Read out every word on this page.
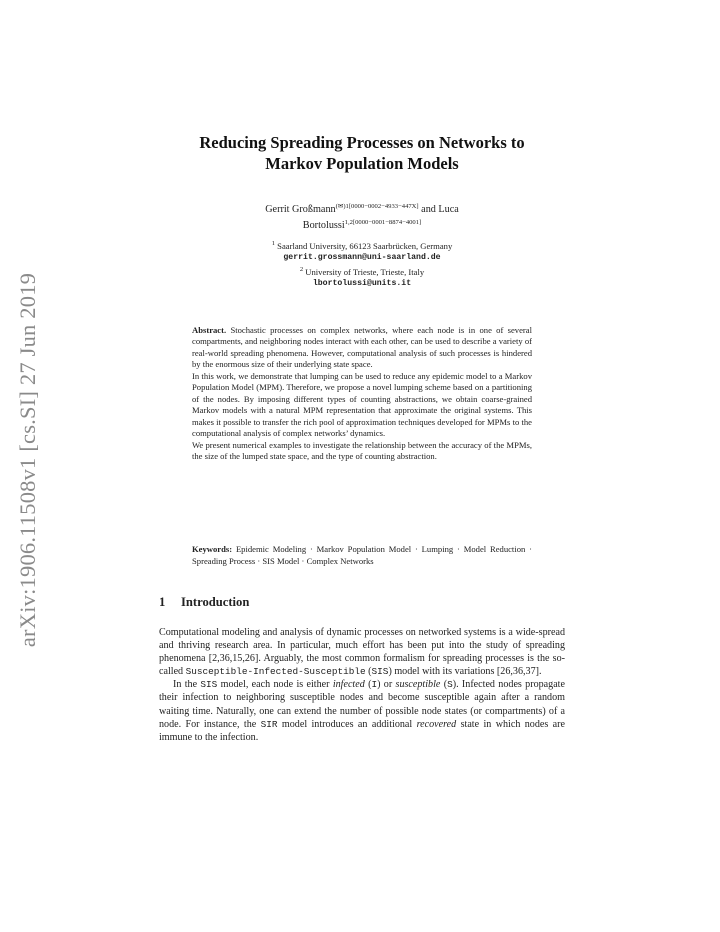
arXiv:1906.11508v1 [cs.SI] 27 Jun 2019
Reducing Spreading Processes on Networks to
Markov Population Models
Gerrit Großmann$^{(✉)1[0000-0002-4933-447X]}$ and Luca
Bortolussi$^{1,2[0000-0001-8874-4001]}$
$^1$ Saarland University, 66123 Saarbrücken, Germany
gerrit.grossmann@uni-saarland.de
$^2$ University of Trieste, Trieste, Italy
lbortolussi@units.it

Abstract. Stochastic processes on complex networks, where each node is in one of several compartments, and neighboring nodes interact with each other, can be used to describe a variety of real-world spreading phenomena. However, computational analysis of such processes is hindered by the enormous size of their underlying state space.

In this work, we demonstrate that lumping can be used to reduce any epidemic model to a Markov Population Model (MPM). Therefore, we propose a novel lumping scheme based on a partitioning of the nodes. By imposing different types of counting abstractions, we obtain coarse-grained Markov models with a natural MPM representation that approximate the original systems. This makes it possible to transfer the rich pool of approximation techniques developed for MPMs to the computational analysis of complex networks’ dynamics.

We present numerical examples to investigate the relationship between the accuracy of the MPMs, the size of the lumped state space, and the type of counting abstraction.

Keywords: Epidemic Modeling · Markov Population Model · Lumping · Model Reduction · Spreading Process · SIS Model · Complex Networks
1 Introduction

Computational modeling and analysis of dynamic processes on networked systems is a wide-spread and thriving research area. In particular, much effort has been put into the study of spreading phenomena [2,36,15,26]. Arguably, the most common formalism for spreading processes is the so-called Susceptible-Infected-Susceptible (SIS) model with its variations [26,36,37].

In the SIS model, each node is either infected (I) or susceptible (S). Infected nodes propagate their infection to neighboring susceptible nodes and become susceptible again after a random waiting time. Naturally, one can extend the number of possible node states (or compartments) of a node. For instance, the SIR model introduces an additional recovered state in which nodes are immune to the infection.
